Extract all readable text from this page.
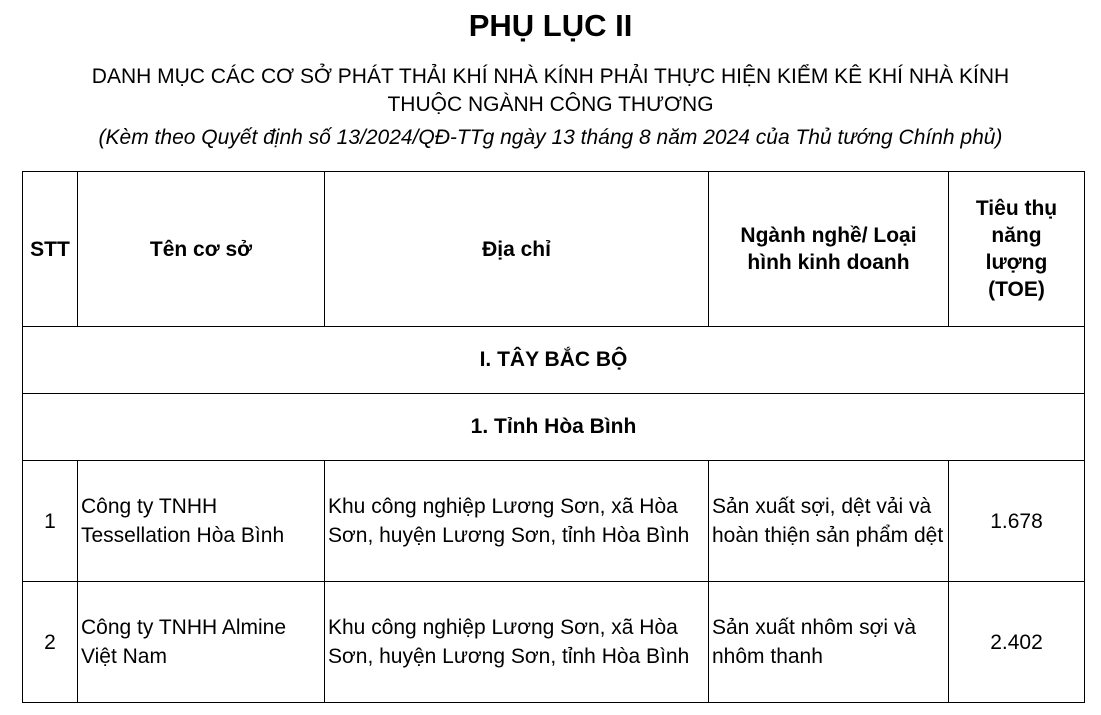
PHỤ LỤC II
DANH MỤC CÁC CƠ SỞ PHÁT THẢI KHÍ NHÀ KÍNH PHẢI THỰC HIỆN KIỂM KÊ KHÍ NHÀ KÍNH
THUỘC NGÀNH CÔNG THƯƠNG
(Kèm theo Quyết định số 13/2024/QĐ-TTg ngày 13 tháng 8 năm 2024 của Thủ tướng Chính phủ)
STT	Tên cơ sở	Địa chỉ	Ngành nghề/ Loại hình kinh doanh	Tiêu thụ năng lượng (TOE)
I. TÂY BẮC BỘ				
1. Tỉnh Hòa Bình				
1	Công ty TNHH Tessellation Hòa Bình	Khu công nghiệp Lương Sơn, xã Hòa Sơn, huyện Lương Sơn, tỉnh Hòa Bình	Sản xuất sợi, dệt vải và hoàn thiện sản phẩm dệt	1.678
2	Công ty TNHH Almine Việt Nam	Khu công nghiệp Lương Sơn, xã Hòa Sơn, huyện Lương Sơn, tỉnh Hòa Bình	Sản xuất nhôm sợi và nhôm thanh	2.402
